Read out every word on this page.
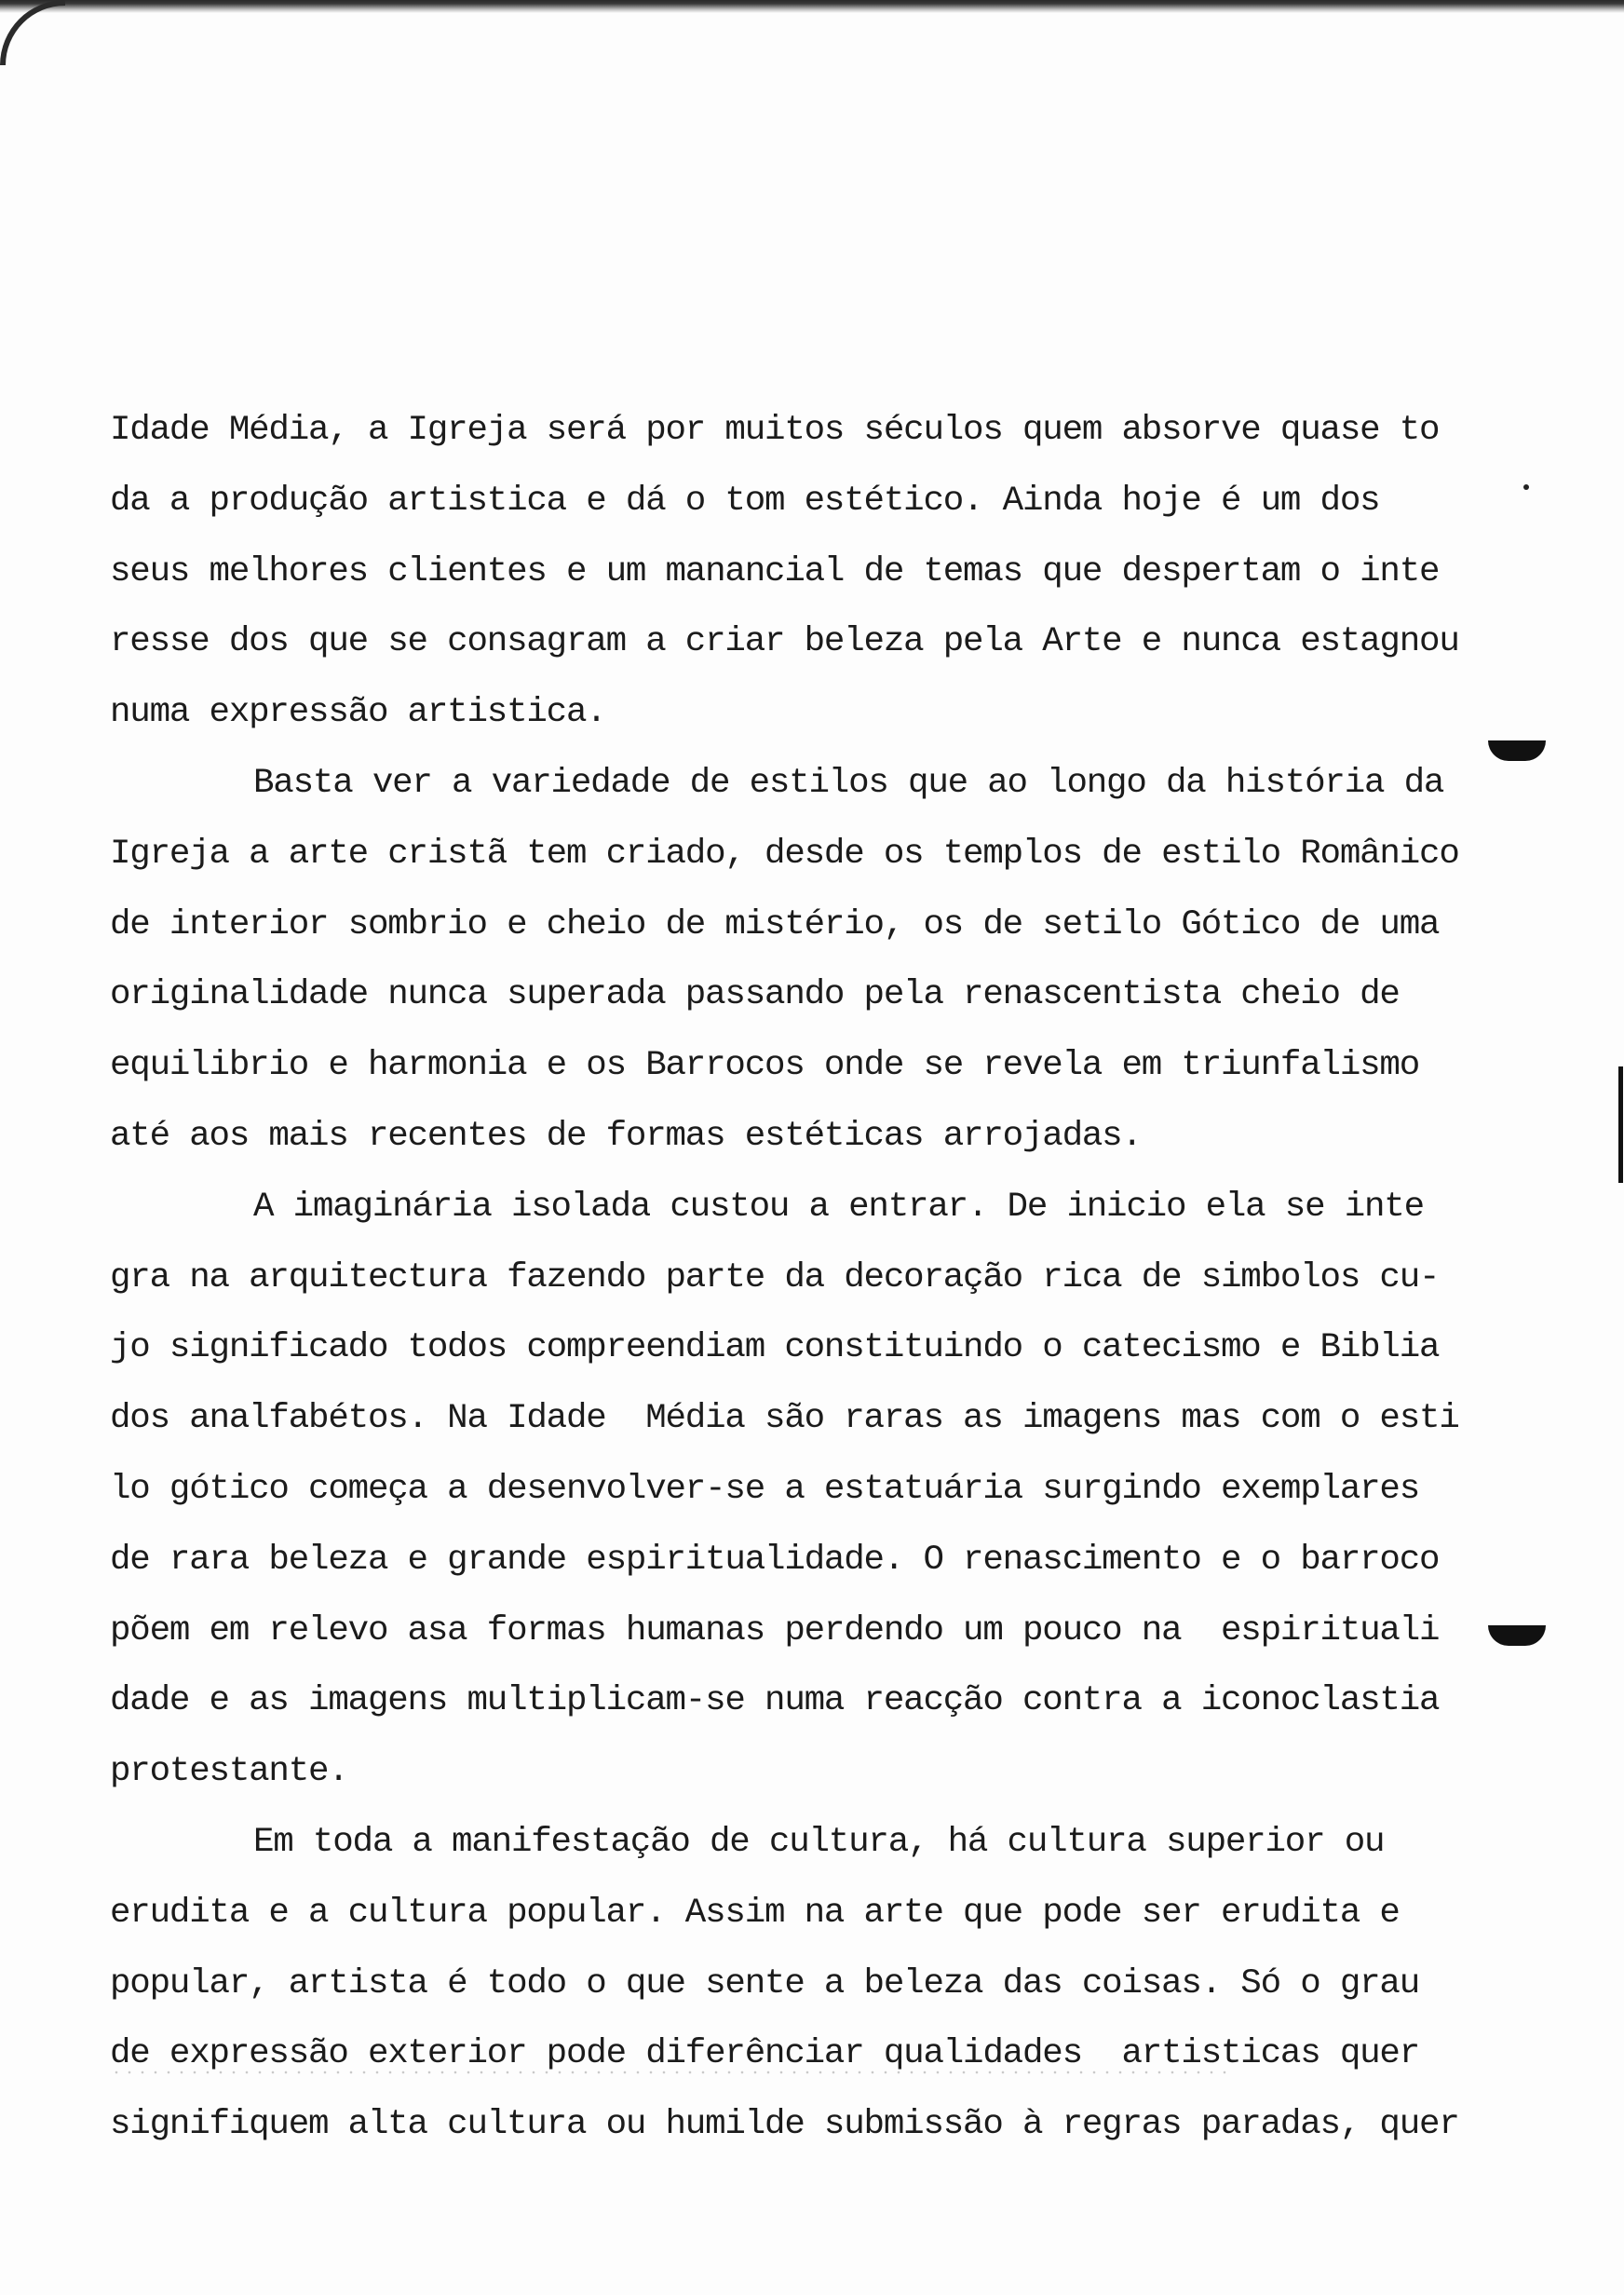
Idade Média, a Igreja será por muitos séculos quem absorve quase to
da a produção artistica e dá o tom estético. Ainda hoje é um dos
seus melhores clientes e um manancial de temas que despertam o inte
resse dos que se consagram a criar beleza pela Arte e nunca estagnou
numa expressão artistica.
Basta ver a variedade de estilos que ao longo da história da
Igreja a arte cristã tem criado, desde os templos de estilo Românico
de interior sombrio e cheio de mistério, os de setilo Gótico de uma
originalidade nunca superada passando pela renascentista cheio de
equilibrio e harmonia e os Barrocos onde se revela em triunfalismo
até aos mais recentes de formas estéticas arrojadas.
A imaginária isolada custou a entrar. De inicio ela se inte
gra na arquitectura fazendo parte da decoração rica de simbolos cu-
jo significado todos compreendiam constituindo o catecismo e Biblia
dos analfabétos. Na Idade  Média são raras as imagens mas com o esti
lo gótico começa a desenvolver-se a estatuária surgindo exemplares
de rara beleza e grande espiritualidade. O renascimento e o barroco
põem em relevo asa formas humanas perdendo um pouco na  espirituali
dade e as imagens multiplicam-se numa reacção contra a iconoclastia
protestante.
Em toda a manifestação de cultura, há cultura superior ou
erudita e a cultura popular. Assim na arte que pode ser erudita e
popular, artista é todo o que sente a beleza das coisas. Só o grau
de expressão exterior pode diferênciar qualidades  artisticas quer
signifiquem alta cultura ou humilde submissão à regras paradas, quer
